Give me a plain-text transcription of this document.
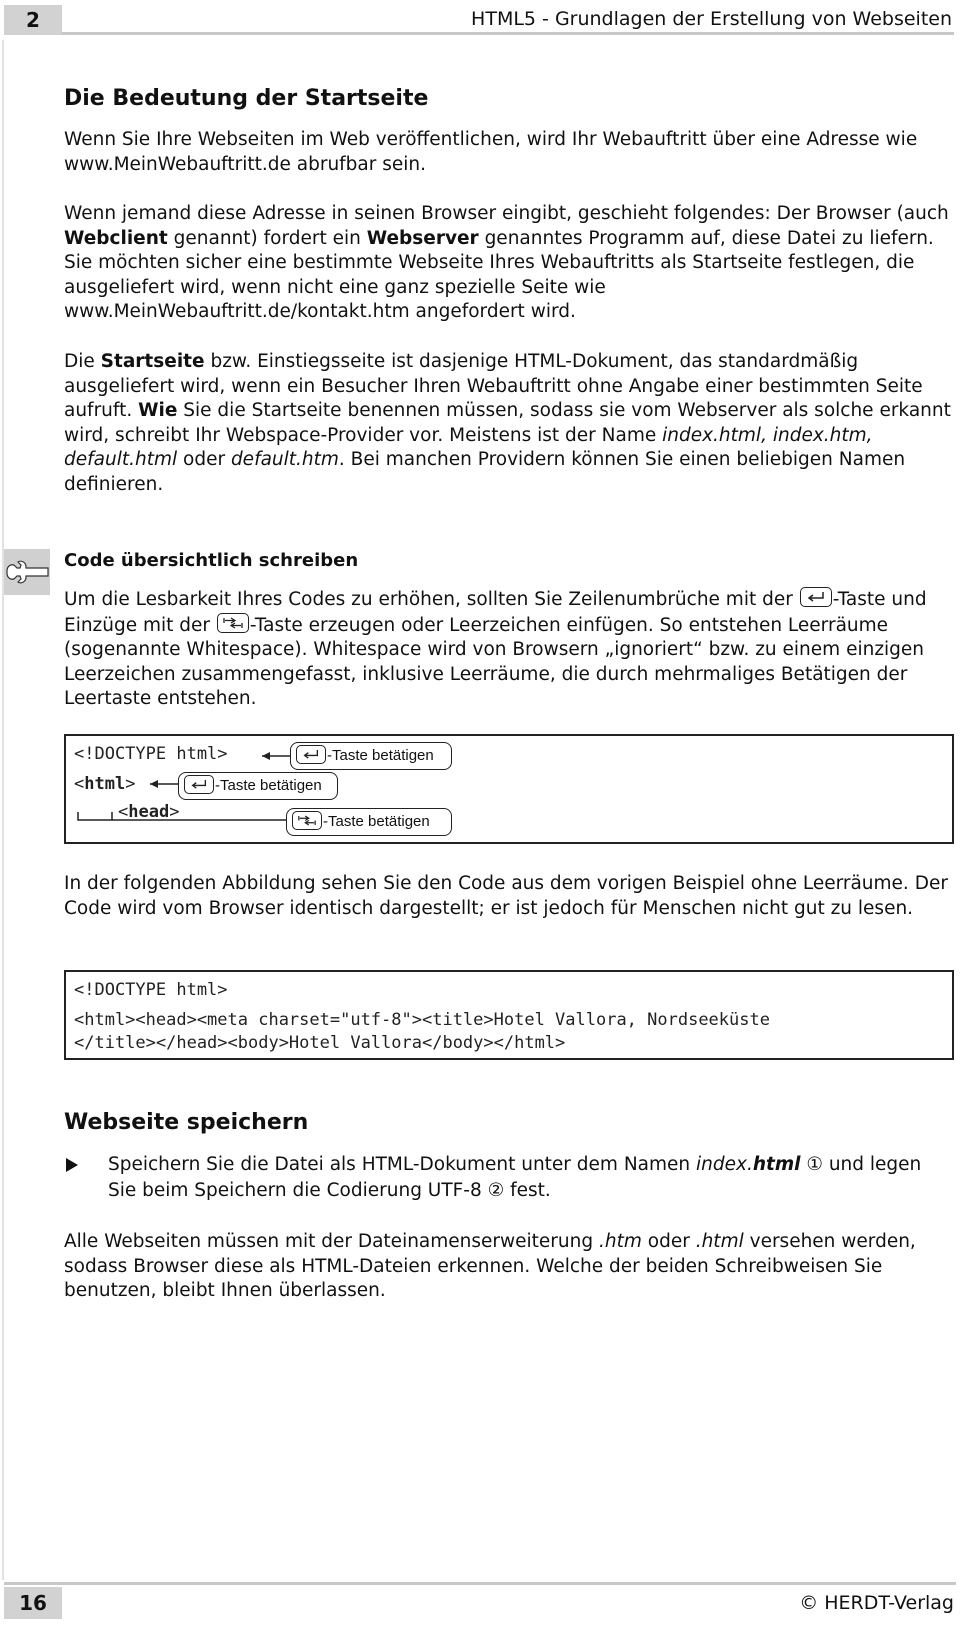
2	HTML5 - Grundlagen der Erstellung von Webseiten
Die Bedeutung der Startseite

Wenn Sie Ihre Webseiten im Web veröffentlichen, wird Ihr Webauftritt über eine Adresse wie www.MeinWebauftritt.de abrufbar sein.

Wenn jemand diese Adresse in seinen Browser eingibt, geschieht folgendes: Der Browser (auch Webclient genannt) fordert ein Webserver genanntes Programm auf, diese Datei zu liefern. Sie möchten sicher eine bestimmte Webseite Ihres Webauftritts als Startseite festlegen, die ausgeliefert wird, wenn nicht eine ganz spezielle Seite wie www.MeinWebauftritt.de/kontakt.htm angefordert wird.

Die Startseite bzw. Einstiegsseite ist dasjenige HTML-Dokument, das standardmäßig ausgeliefert wird, wenn ein Besucher Ihren Webauftritt ohne Angabe einer bestimmten Seite aufruft. Wie Sie die Startseite benennen müssen, sodass sie vom Webserver als solche erkannt wird, schreibt Ihr Webspace-Provider vor. Meistens ist der Name index.html, index.htm, default.html oder default.htm. Bei manchen Providern können Sie einen beliebigen Namen definieren.

Code übersichtlich schreiben

Um die Lesbarkeit Ihres Codes zu erhöhen, sollten Sie Zeilenumbrüche mit der
-Taste und Einzüge mit der
-Taste erzeugen oder Leerzeichen einfügen. So entstehen Leerräume (sogenannte Whitespace). Whitespace wird von Browsern „ignoriert“ bzw. zu einem einzigen Leerzeichen zusammengefasst, inklusive Leerräume, die durch mehrmaliges Betätigen der Leertaste entstehen.

<!DOCTYPE html>
<html>
<head>
-Taste betätigen
-Taste betätigen
-Taste betätigen

In der folgenden Abbildung sehen Sie den Code aus dem vorigen Beispiel ohne Leerräume. Der Code wird vom Browser identisch dargestellt; er ist jedoch für Menschen nicht gut zu lesen.

<!DOCTYPE html>
<html><head><meta charset="utf-8"><title>Hotel Vallora, Nordseeküste
</title></head><body>Hotel Vallora</body></html>
Webseite speichern

Speichern Sie die Datei als HTML-Dokument unter dem Namen index.html ① und legen Sie beim Speichern die Codierung UTF-8 ② fest.

Alle Webseiten müssen mit der Dateinamenserweiterung .htm oder .html versehen werden, sodass Browser diese als HTML-Dateien erkennen. Welche der beiden Schreibweisen Sie benutzen, bleibt Ihnen überlassen.

16	© HERDT-Verlag
